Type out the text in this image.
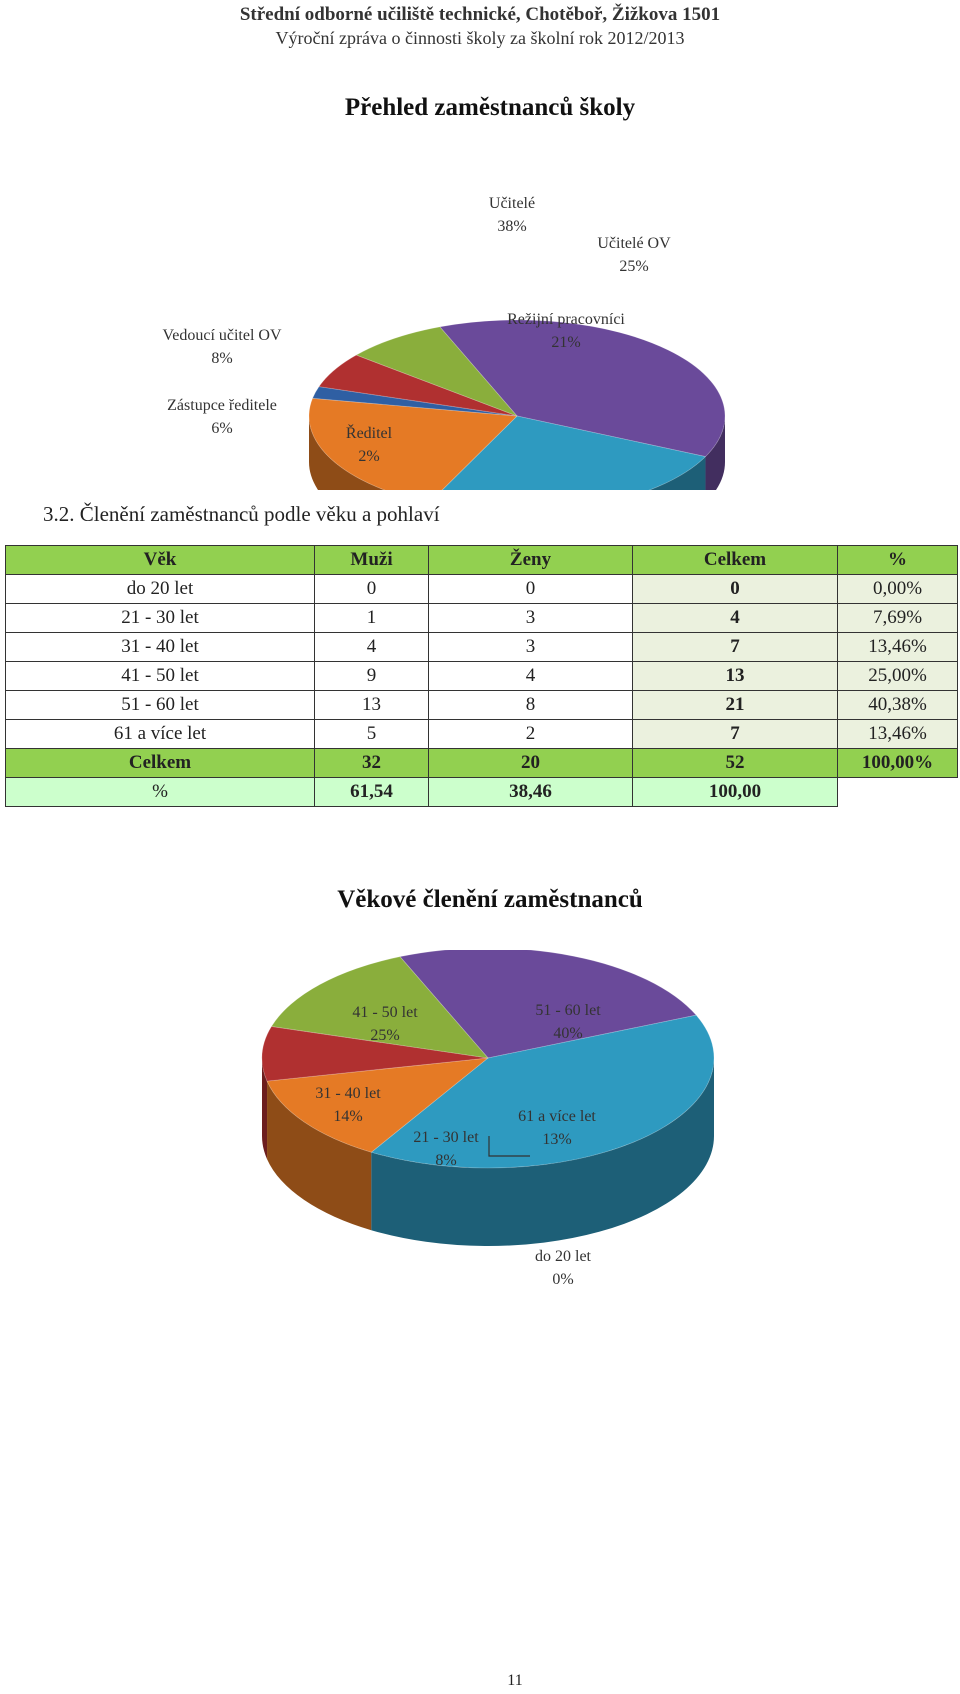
Střední odborné učiliště technické, Chotěboř, Žižkova 1501
Výroční zpráva o činnosti školy za školní rok 2012/2013
Přehled zaměstnanců školy
Učitelé 38%
Učitelé OV 25%
Režijní pracovníci 21%
Ředitel 2%
Zástupce ředitele 6%
Vedoucí učitel OV 8%
3.2. Členění zaměstnanců podle věku a pohlaví
Věk	Muži	Ženy	Celkem	%
do 20 let	0	0	0	0,00%
21 - 30 let	1	3	4	7,69%
31 - 40 let	4	3	7	13,46%
41 - 50 let	9	4	13	25,00%
51 - 60 let	13	8	21	40,38%
61 a více let	5	2	7	13,46%
Celkem	32	20	52	100,00%
%	61,54	38,46	100,00	
Věkové členění zaměstnanců
41 - 50 let 25%
51 - 60 let 40%
61 a více let 13%
do 20 let 0%
21 - 30 let 8%
31 - 40 let 14%
11
